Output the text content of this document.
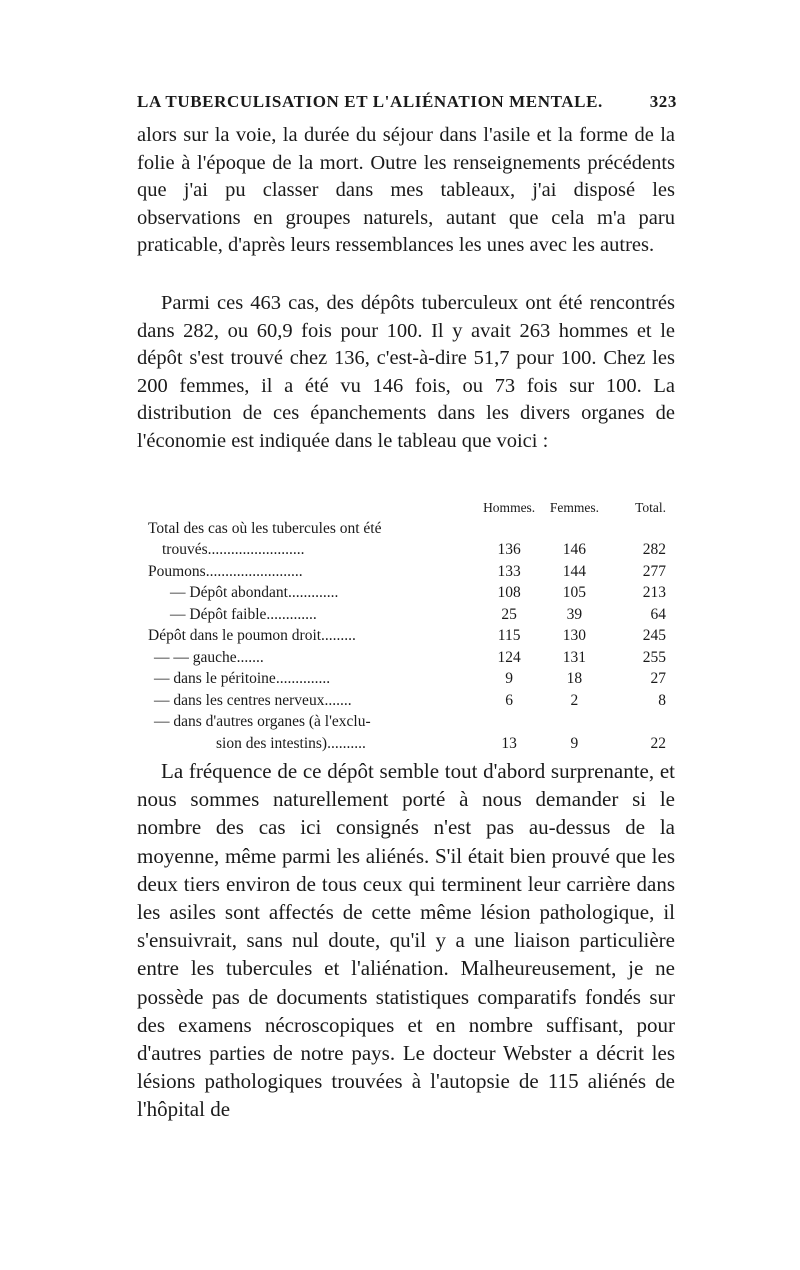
LA TUBERCULISATION ET L'ALIÉNATION MENTALE.	323

alors sur la voie, la durée du séjour dans l'asile et la forme de la folie à l'époque de la mort. Outre les renseignements précédents que j'ai pu classer dans mes tableaux, j'ai disposé les observations en groupes naturels, autant que cela m'a paru praticable, d'après leurs ressemblances les unes avec les autres.

Parmi ces 463 cas, des dépôts tuberculeux ont été rencontrés dans 282, ou 60,9 fois pour 100. Il y avait 263 hommes et le dépôt s'est trouvé chez 136, c'est-à-dire 51,7 pour 100. Chez les 200 femmes, il a été vu 146 fois, ou 73 fois sur 100. La distribution de ces épanchements dans les divers organes de l'économie est indiquée dans le tableau que voici :

	Hommes.	Femmes.	Total.
Total des cas où les tubercules ont été			
trouvés.........................	136	146	282
Poumons.........................	133	144	277
— Dépôt abondant.............	108	105	213
— Dépôt faible.............	25	39	64
Dépôt dans le poumon droit.........	115	130	245
— — gauche.......	124	131	255
— dans le péritoine..............	9	18	27
— dans les centres nerveux.......	6	2	8
— dans d'autres organes (à l'exclu-			
sion des intestins)..........	13	9	22

La fréquence de ce dépôt semble tout d'abord surprenante, et nous sommes naturellement porté à nous demander si le nombre des cas ici consignés n'est pas au-dessus de la moyenne, même parmi les aliénés. S'il était bien prouvé que les deux tiers environ de tous ceux qui terminent leur carrière dans les asiles sont affectés de cette même lésion pathologique, il s'ensuivrait, sans nul doute, qu'il y a une liaison particulière entre les tubercules et l'aliénation. Malheureusement, je ne possède pas de documents statistiques comparatifs fondés sur des examens nécroscopiques et en nombre suffisant, pour d'autres parties de notre pays. Le docteur Webster a décrit les lésions pathologiques trouvées à l'autopsie de 115 aliénés de l'hôpital de
